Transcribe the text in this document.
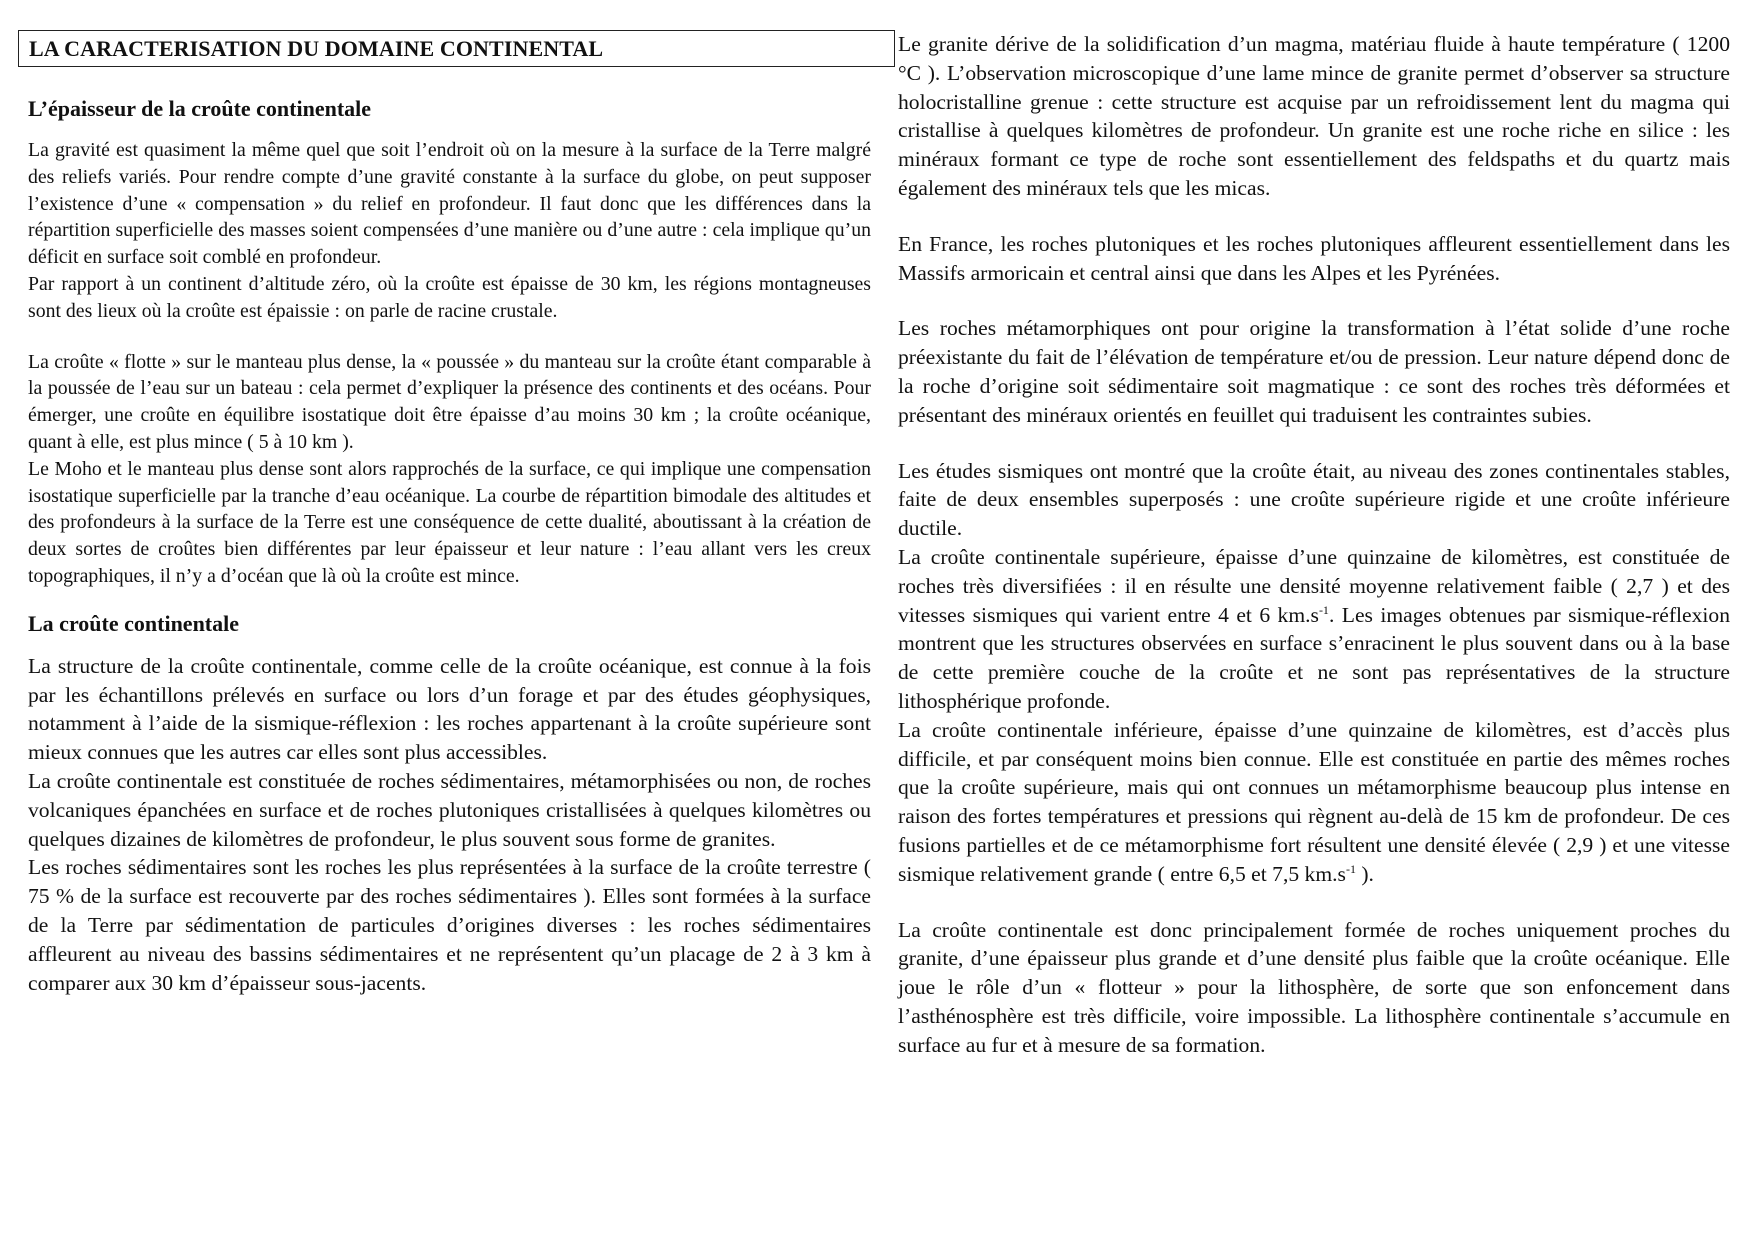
LA CARACTERISATION DU DOMAINE CONTINENTAL
L’épaisseur de la croûte continentale

La gravité est quasiment la même quel que soit l’endroit où on la mesure à la surface de la Terre malgré des reliefs variés. Pour rendre compte d’une gravité constante à la surface du globe, on peut supposer l’existence d’une « compensation » du relief en profondeur. Il faut donc que les différences dans la répartition superficielle des masses soient compensées d’une manière ou d’une autre : cela implique qu’un déficit en surface soit comblé en profondeur.

Par rapport à un continent d’altitude zéro, où la croûte est épaisse de 30 km, les régions montagneuses sont des lieux où la croûte est épaissie : on parle de racine crustale.

La croûte « flotte » sur le manteau plus dense, la « poussée » du manteau sur la croûte étant comparable à la poussée de l’eau sur un bateau : cela permet d’expliquer la présence des continents et des océans. Pour émerger, une croûte en équilibre isostatique doit être épaisse d’au moins 30 km ; la croûte océanique, quant à elle, est plus mince ( 5 à 10 km ).

Le Moho et le manteau plus dense sont alors rapprochés de la surface, ce qui implique une compensation isostatique superficielle par la tranche d’eau océanique. La courbe de répartition bimodale des altitudes et des profondeurs à la surface de la Terre est une conséquence de cette dualité, aboutissant à la création de deux sortes de croûtes bien différentes par leur épaisseur et leur nature : l’eau allant vers les creux topographiques, il n’y a d’océan que là où la croûte est mince.

La croûte continentale

La structure de la croûte continentale, comme celle de la croûte océanique, est connue à la fois par les échantillons prélevés en surface ou lors d’un forage et par des études géophysiques, notamment à l’aide de la sismique-réflexion : les roches appartenant à la croûte supérieure sont mieux connues que les autres car elles sont plus accessibles.

La croûte continentale est constituée de roches sédimentaires, métamorphisées ou non, de roches volcaniques épanchées en surface et de roches plutoniques cristallisées à quelques kilomètres ou quelques dizaines de kilomètres de profondeur, le plus souvent sous forme de granites.

Les roches sédimentaires sont les roches les plus représentées à la surface de la croûte terrestre ( 75 % de la surface est recouverte par des roches sédimentaires ). Elles sont formées à la surface de la Terre par sédimentation de particules d’origines diverses : les roches sédimentaires affleurent au niveau des bassins sédimentaires et ne représentent qu’un placage de 2 à 3 km à comparer aux 30 km d’épaisseur sous-jacents.

Le granite dérive de la solidification d’un magma, matériau fluide à haute température ( 1200 °C ). L’observation microscopique d’une lame mince de granite permet d’observer sa structure holocristalline grenue : cette structure est acquise par un refroidissement lent du magma qui cristallise à quelques kilomètres de profondeur. Un granite est une roche riche en silice : les minéraux formant ce type de roche sont essentiellement des feldspaths et du quartz mais également des minéraux tels que les micas.

En France, les roches plutoniques et les roches plutoniques affleurent essentiellement dans les Massifs armoricain et central ainsi que dans les Alpes et les Pyrénées.

Les roches métamorphiques ont pour origine la transformation à l’état solide d’une roche préexistante du fait de l’élévation de température et/ou de pression. Leur nature dépend donc de la roche d’origine soit sédimentaire soit magmatique : ce sont des roches très déformées et présentant des minéraux orientés en feuillet qui traduisent les contraintes subies.

Les études sismiques ont montré que la croûte était, au niveau des zones continentales stables, faite de deux ensembles superposés : une croûte supérieure rigide et une croûte inférieure ductile.

La croûte continentale supérieure, épaisse d’une quinzaine de kilomètres, est constituée de roches très diversifiées : il en résulte une densité moyenne relativement faible ( 2,7 ) et des vitesses sismiques qui varient entre 4 et 6 $km.s^{-1}$. Les images obtenues par sismique-réflexion montrent que les structures observées en surface s’enracinent le plus souvent dans ou à la base de cette première couche de la croûte et ne sont pas représentatives de la structure lithosphérique profonde.

La croûte continentale inférieure, épaisse d’une quinzaine de kilomètres, est d’accès plus difficile, et par conséquent moins bien connue. Elle est constituée en partie des mêmes roches que la croûte supérieure, mais qui ont connues un métamorphisme beaucoup plus intense en raison des fortes températures et pressions qui règnent au-delà de 15 km de profondeur. De ces fusions partielles et de ce métamorphisme fort résultent une densité élevée ( 2,9 ) et une vitesse sismique relativement grande ( entre 6,5 et 7,5 $km.s^{-1}$ ).

La croûte continentale est donc principalement formée de roches uniquement proches du granite, d’une épaisseur plus grande et d’une densité plus faible que la croûte océanique. Elle joue le rôle d’un « flotteur » pour la lithosphère, de sorte que son enfoncement dans l’asthénosphère est très difficile, voire impossible. La lithosphère continentale s’accumule en surface au fur et à mesure de sa formation.
